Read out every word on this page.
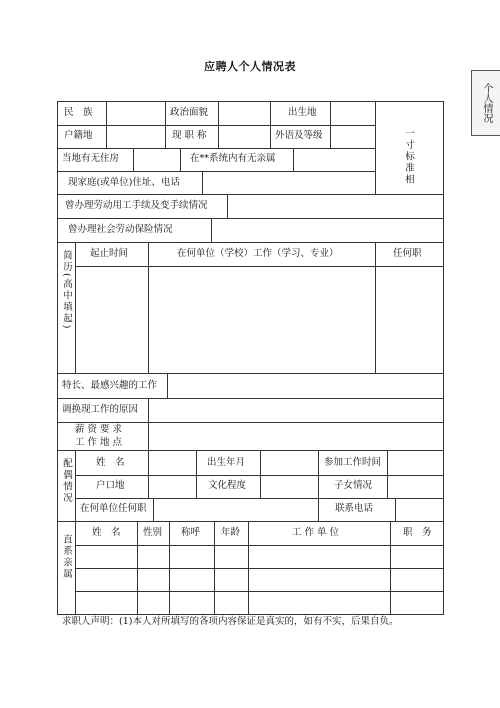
应聘人个人情况表
个人情况
民　族	政治面貌	出生地
户籍地	现 职 称	外语及等级	一寸标准相
当地有无住房	在**系统内有无亲属
现家庭(或单位)住址、电话
曾办理劳动用工手续及变手续情况
曾办理社会劳动保险情况
简历(高中填起) 起止时间	在何单位（学校）工作（学习、专业）	任何职
特长、最感兴趣的工作
调换现工作的原因
薪 资 要 求
工 作 地 点
配偶情况	姓　名	出生年月	参加工作时间
户口地	文化程度	子女情况
在何单位任何职	联系电话
直系亲属
姓　名 性别 称呼 年龄	工 作 单 位	职　务
求职人声明：(1)本人对所填写的各项内容保证是真实的，如有不实，后果自负。
